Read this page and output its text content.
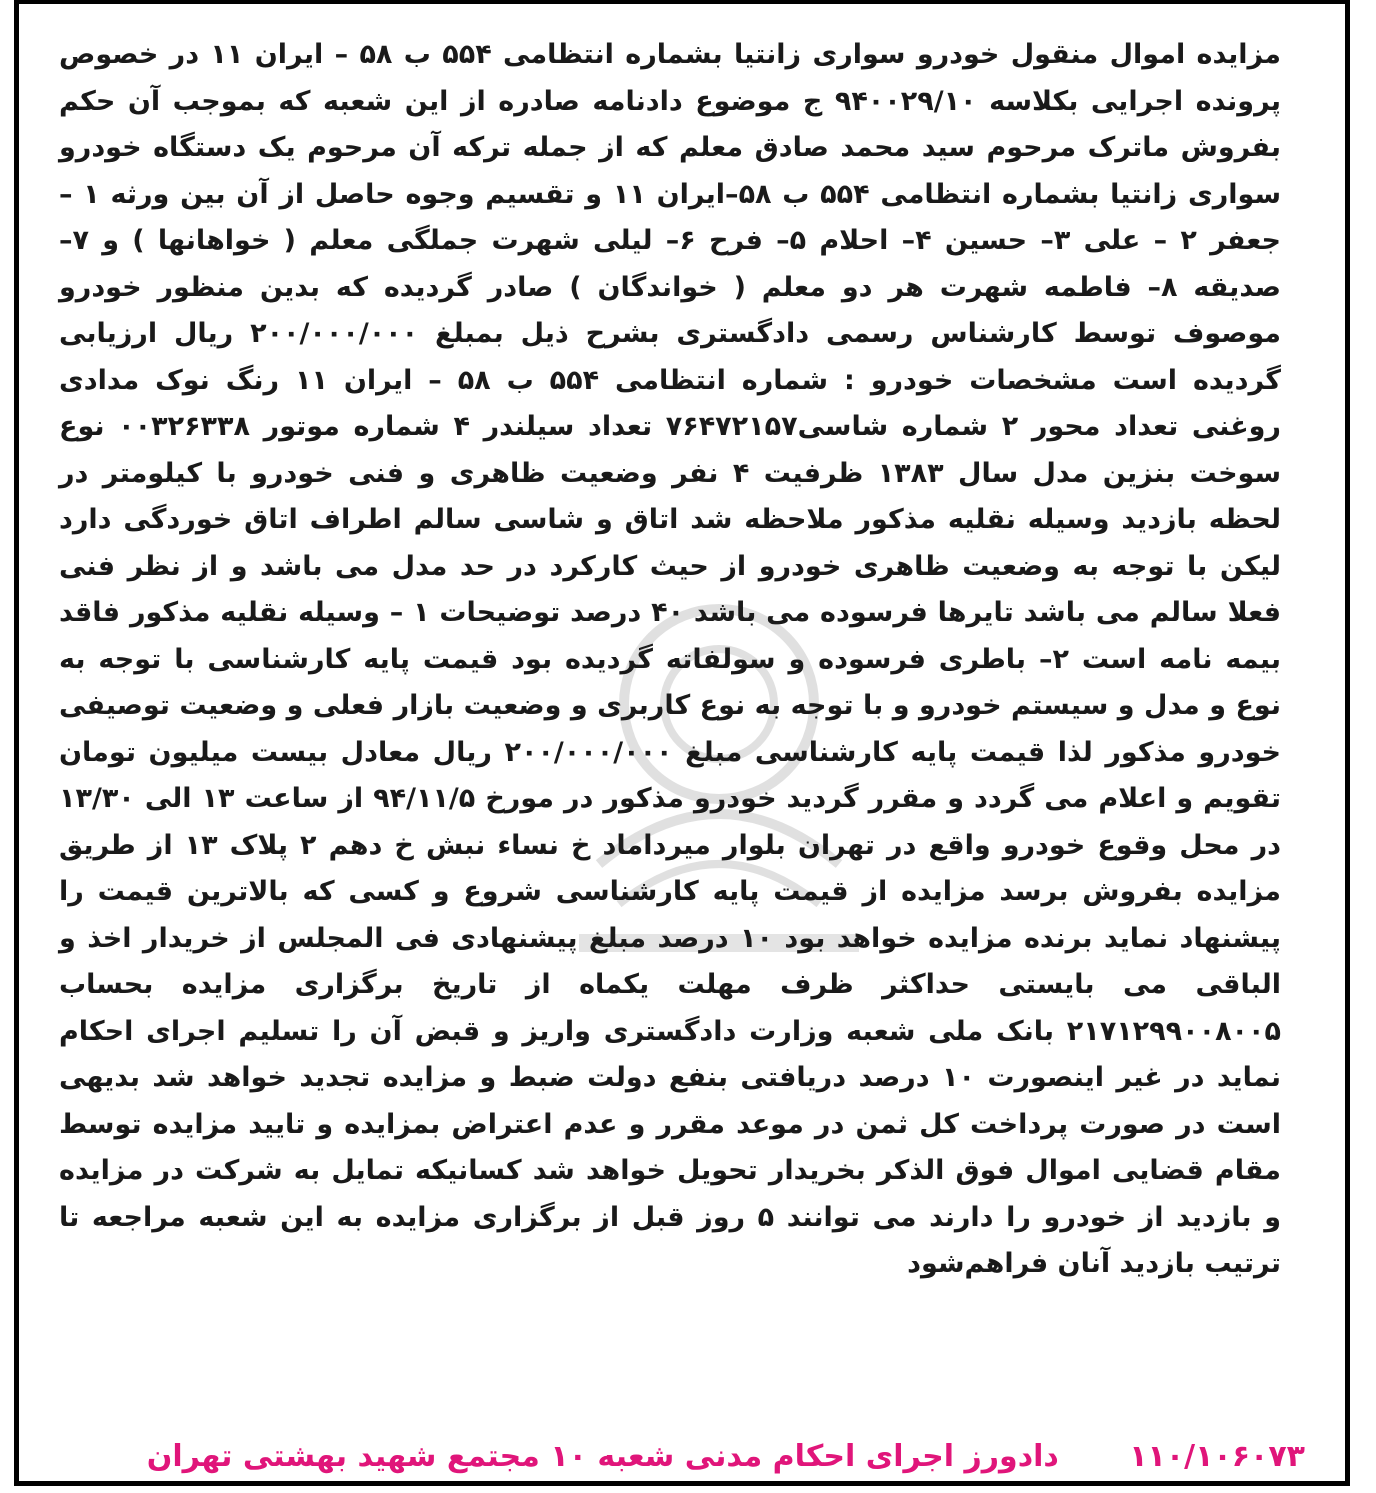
مزایده اموال منقول خودرو سواری زانتیا بشماره انتظامی ۵۵۴ ب ۵۸ – ایران ۱۱ در خصوص پرونده اجرایی بکلاسه ۹۴۰۰۲۹/۱۰ ج موضوع دادنامه صادره از این شعبه که بموجب آن حکم بفروش ماترک مرحوم سید محمد صادق معلم که از جمله ترکه آن مرحوم یک دستگاه خودرو سواری زانتیا بشماره انتظامی ۵۵۴ ب ۵۸–ایران ۱۱ و تقسیم وجوه حاصل از آن بین ورثه ۱ – جعفر ۲ – علی ۳– حسین ۴– احلام ۵– فرح ۶– لیلی شهرت جملگی معلم ( خواهانها ) و ۷– صدیقه ۸– فاطمه شهرت هر دو معلم ( خواندگان ) صادر گردیده که بدین منظور خودرو موصوف توسط کارشناس رسمی دادگستری بشرح ذیل بمبلغ ۲۰۰/۰۰۰/۰۰۰ ریال ارزیابی گردیده است مشخصات خودرو : شماره انتظامی ۵۵۴ ب ۵۸ – ایران ۱۱ رنگ نوک مدادی روغنی تعداد محور ۲ شماره شاسی۷۶۴۷۲۱۵۷ تعداد سیلندر ۴ شماره موتور ۰۰۳۲۶۳۳۸ نوع سوخت بنزین مدل سال ۱۳۸۳ ظرفیت ۴ نفر وضعیت ظاهری و فنی خودرو با کیلومتر در لحظه بازدید وسیله نقلیه مذکور ملاحظه شد اتاق و شاسی سالم اطراف اتاق خوردگی دارد لیکن با توجه به وضعیت ظاهری خودرو از حیث کارکرد در حد مدل می باشد و از نظر فنی فعلا سالم می باشد تایرها فرسوده می باشد ۴۰ درصد توضیحات ۱ – وسیله نقلیه مذکور فاقد بیمه نامه است ۲– باطری فرسوده و سولفاته گردیده بود قیمت پایه کارشناسی با توجه به نوع و مدل و سیستم خودرو و با توجه به نوع کاربری و وضعیت بازار فعلی و وضعیت توصیفی خودرو مذکور لذا قیمت پایه کارشناسی مبلغ ۲۰۰/۰۰۰/۰۰۰ ریال معادل بیست میلیون تومان تقویم و اعلام می گردد و مقرر گردید خودرو مذکور در مورخ ۹۴/۱۱/۵ از ساعت ۱۳ الی ۱۳/۳۰ در محل وقوع خودرو واقع در تهران بلوار میرداماد خ نساء نبش خ دهم ۲ پلاک ۱۳ از طریق مزایده بفروش برسد مزایده از قیمت پایه کارشناسی شروع و کسی که بالاترین قیمت را پیشنهاد نماید برنده مزایده خواهد بود ۱۰ درصد مبلغ پیشنهادی فی المجلس از خریدار اخذ و الباقی می بایستی حداکثر ظرف مهلت یکماه از تاریخ برگزاری مزایده بحساب ۲۱۷۱۲۹۹۰۰۸۰۰۵ بانک ملی شعبه وزارت دادگستری واریز و قبض آن را تسلیم اجرای احکام نماید در غیر اینصورت ۱۰ درصد دریافتی بنفع دولت ضبط و مزایده تجدید خواهد شد بدیهی است در صورت پرداخت کل ثمن در موعد مقرر و عدم اعتراض بمزایده و تایید مزایده توسط مقام قضایی اموال فوق الذکر بخریدار تحویل خواهد شد کسانیکه تمایل به شرکت در مزایده و بازدید از خودرو را دارند می توانند ۵ روز قبل از برگزاری مزایده به این شعبه مراجعه تا ترتیب بازدید آنان فراهم‌شود

۱۱۰/۱۰۶۰۷۳ دادورز اجرای احکام مدنی شعبه ۱۰ مجتمع شهید بهشتی تهران
